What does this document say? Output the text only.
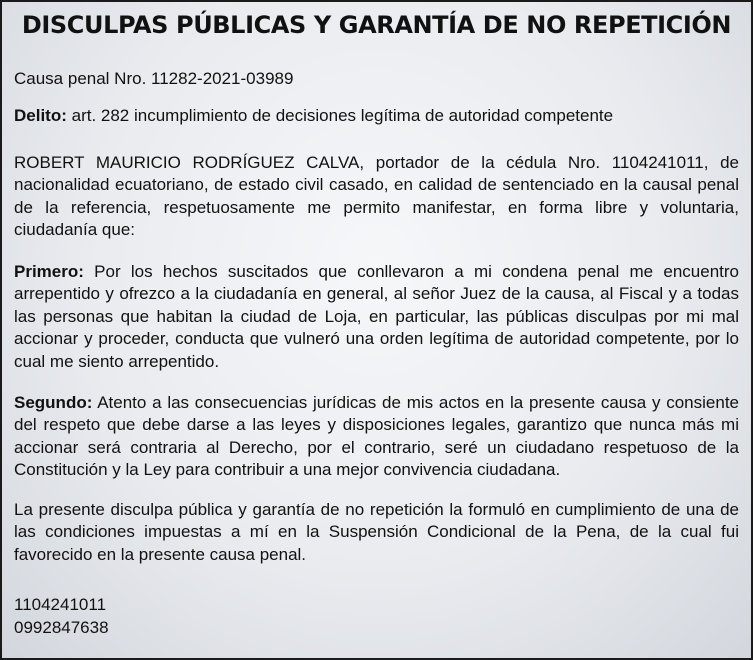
DISCULPAS PÚBLICAS Y GARANTÍA DE NO REPETICIÓN
Causa penal Nro. 11282-2021-03989
Delito: art. 282 incumplimiento de decisiones legítima de autoridad competente

ROBERT MAURICIO RODRÍGUEZ CALVA, portador de la cédula Nro. 1104241011, de nacionalidad ecuatoriano, de estado civil casado, en calidad de sentenciado en la causal penal de la referencia, respetuosamente me permito manifestar, en forma libre y voluntaria, ciudadanía que:

Primero: Por los hechos suscitados que conllevaron a mi condena penal me encuentro arrepentido y ofrezco a la ciudadanía en general, al señor Juez de la causa, al Fiscal y a todas las personas que habitan la ciudad de Loja, en particular, las públicas disculpas por mi mal accionar y proceder, conducta que vulneró una orden legítima de autoridad competente, por lo cual me siento arrepentido.

Segundo: Atento a las consecuencias jurídicas de mis actos en la presente causa y consiente del respeto que debe darse a las leyes y disposiciones legales, garantizo que nunca más mi accionar será contraria al Derecho, por el contrario, seré un ciudadano respetuoso de la Constitución y la Ley para contribuir a una mejor convivencia ciudadana.

La presente disculpa pública y garantía de no repetición la formuló en cumplimiento de una de las condiciones impuestas a mí en la Suspensión Condicional de la Pena, de la cual fui favorecido en la presente causa penal.

1104241011
0992847638
